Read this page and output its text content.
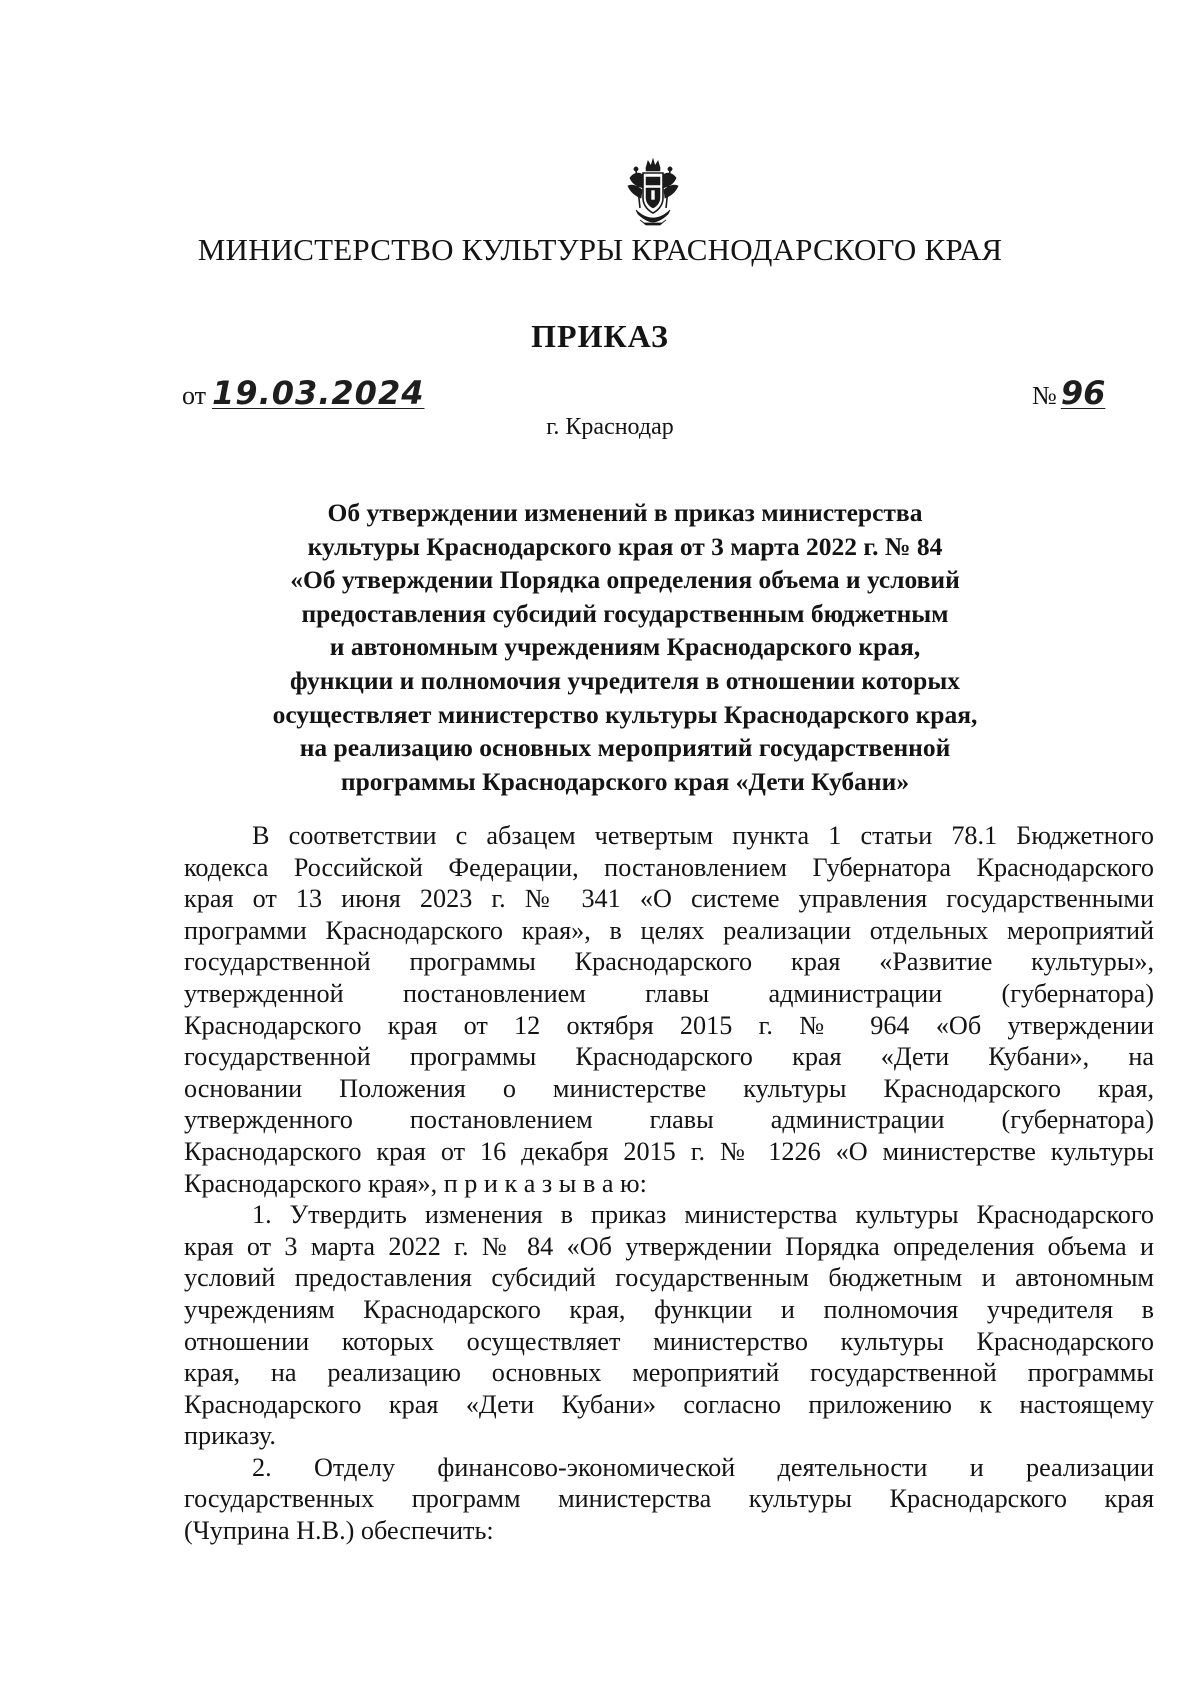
МИНИСТЕРСТВО КУЛЬТУРЫ КРАСНОДАРСКОГО КРАЯ
ПРИКАЗ
от 19.03.2024	№ 96
г. Краснодар
Об утверждении изменений в приказ министерства
культуры Краснодарского края от 3 марта 2022 г. № 84
«Об утверждении Порядка определения объема и условий
предоставления субсидий государственным бюджетным
и автономным учреждениям Краснодарского края,
функции и полномочия учредителя в отношении которых
осуществляет министерство культуры Краснодарского края,
на реализацию основных мероприятий государственной
программы Краснодарского края «Дети Кубани»
В соответствии с абзацем четвертым пункта 1 статьи 78.1 Бюджетного
кодекса Российской Федерации, постановлением Губернатора Краснодарского
края от 13 июня 2023 г. № 341 «О системе управления государственными
программи Краснодарского края», в целях реализации отдельных мероприятий
государственной программы Краснодарского края «Развитие культуры»,
утвержденной постановлением главы администрации (губернатора)
Краснодарского края от 12 октября 2015 г. № 964 «Об утверждении
государственной программы Краснодарского края «Дети Кубани», на
основании Положения о министерстве культуры Краснодарского края,
утвержденного постановлением главы администрации (губернатора)
Краснодарского края от 16 декабря 2015 г. № 1226 «О министерстве культуры
Краснодарского края», п р и к а з ы в а ю:
1. Утвердить изменения в приказ министерства культуры Краснодарского
края от 3 марта 2022 г. № 84 «Об утверждении Порядка определения объема и
условий предоставления субсидий государственным бюджетным и автономным
учреждениям Краснодарского края, функции и полномочия учредителя в
отношении которых осуществляет министерство культуры Краснодарского
края, на реализацию основных мероприятий государственной программы
Краснодарского края «Дети Кубани» согласно приложению к настоящему
приказу.
2. Отделу финансово-экономической деятельности и реализации
государственных программ министерства культуры Краснодарского края
(Чуприна Н.В.) обеспечить:
